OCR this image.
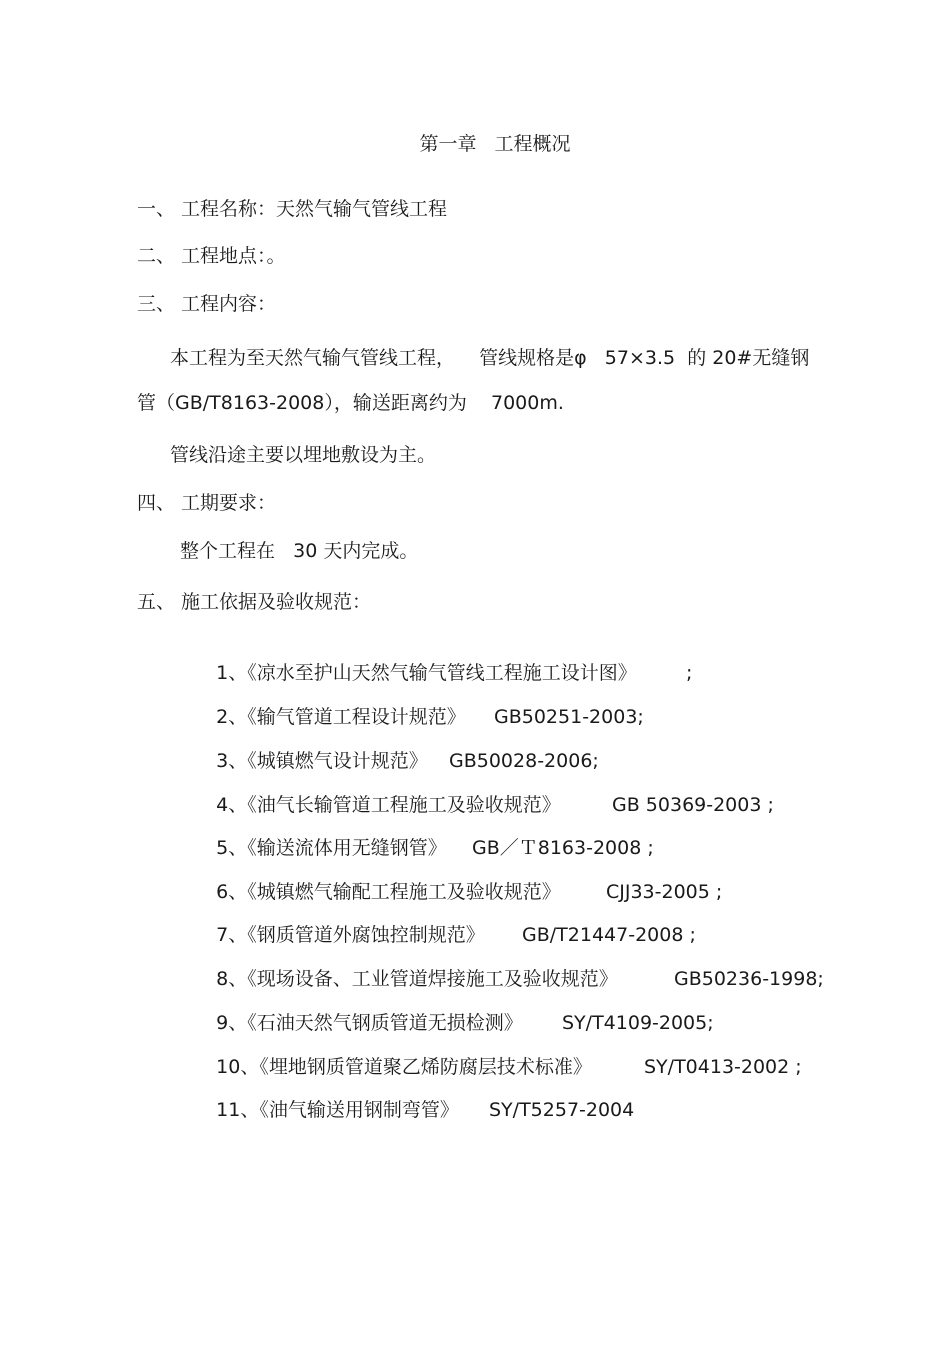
第一章   工程概况
一、 工程名称：天然气输气管线工程
二、 工程地点：。
三、 工程内容：
本工程为至天然气输气管线工程，    管线规格是φ   57×3.5  的 20#无缝钢
管（GB/T8163-2008），输送距离约为    7000m.
管线沿途主要以埋地敷设为主。
四、 工期要求：
整个工程在   30 天内完成。
五、 施工依据及验收规范：

1、《凉水至护山天然气输气管线工程施工设计图》	;

2、《输气管道工程设计规范》 GB50251-2003;

3、《城镇燃气设计规范》 GB50028-2006;

4、《油气长输管道工程施工及验收规范》	GB 50369-2003 ;

5、《输送流体用无缝钢管》 GB／Ｔ8163-2008 ;

6、《城镇燃气输配工程施工及验收规范》 CJJ33-2005 ;

7、《钢质管道外腐蚀控制规范》 GB/T21447-2008 ;

8、《现场设备、工业管道焊接施工及验收规范》	GB50236-1998;

9、《石油天然气钢质管道无损检测》 SY/T4109-2005;

10、《埋地钢质管道聚乙烯防腐层技术标准》	SY/T0413-2002 ;

11、《油气输送用钢制弯管》 SY/T5257-2004
